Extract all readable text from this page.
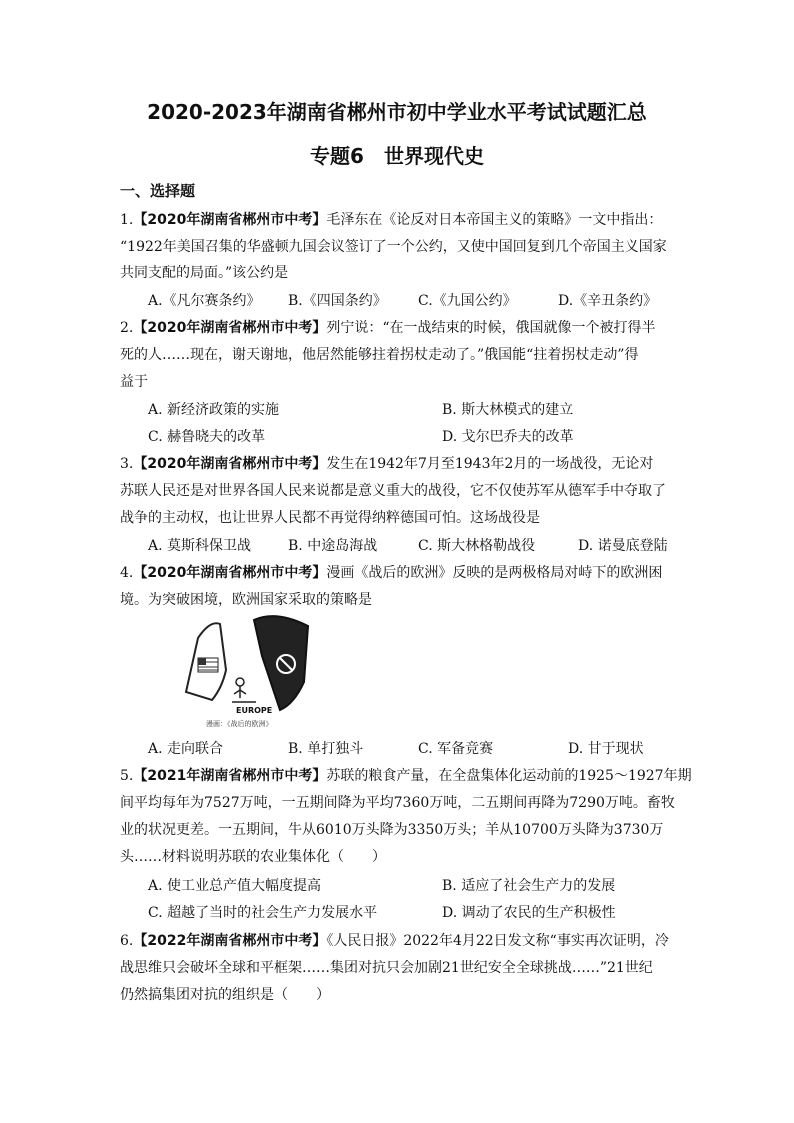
2020-2023年湖南省郴州市初中学业水平考试试题汇总
专题6　世界现代史
一、选择题
1.【2020年湖南省郴州市中考】毛泽东在《论反对日本帝国主义的策略》一文中指出：
“1922年美国召集的华盛顿九国会议签订了一个公约，又使中国回复到几个帝国主义国家
共同支配的局面。”该公约是
A.《凡尔赛条约》 B.《四国条约》 C.《九国公约》	D.《辛丑条约》
2.【2020年湖南省郴州市中考】列宁说：“在一战结束的时候，俄国就像一个被打得半
死的人……现在，谢天谢地，他居然能够拄着拐杖走动了。”俄国能“拄着拐杖走动”得
益于
A. 新经济政策的实施	B. 斯大林模式的建立
C. 赫鲁晓夫的改革	D. 戈尔巴乔夫的改革
3.【2020年湖南省郴州市中考】发生在1942年7月至1943年2月的一场战役，无论对
苏联人民还是对世界各国人民来说都是意义重大的战役，它不仅使苏军从德军手中夺取了
战争的主动权，也让世界人民都不再觉得纳粹德国可怕。这场战役是
A. 莫斯科保卫战	B. 中途岛海战	C. 斯大林格勒战役	D. 诺曼底登陆
4.【2020年湖南省郴州市中考】漫画《战后的欧洲》反映的是两极格局对峙下的欧洲困
境。为突破困境，欧洲国家采取的策略是
EUROPE
漫画：《战后的欧洲》
A. 走向联合	B. 单打独斗	C. 军备竞赛	D. 甘于现状
5.【2021年湖南省郴州市中考】苏联的粮食产量，在全盘集体化运动前的1925～1927年期
间平均每年为7527万吨，一五期间降为平均7360万吨，二五期间再降为7290万吨。畜牧
业的状况更差。一五期间，牛从6010万头降为3350万头；羊从10700万头降为3730万
头……材料说明苏联的农业集体化（　　）
A. 使工业总产值大幅度提高	B. 适应了社会生产力的发展
C. 超越了当时的社会生产力发展水平	D. 调动了农民的生产积极性
6.【2022年湖南省郴州市中考】《人民日报》2022年4月22日发文称“事实再次证明，冷
战思维只会破坏全球和平框架……集团对抗只会加剧21世纪安全全球挑战……”21世纪
仍然搞集团对抗的组织是（　　）
